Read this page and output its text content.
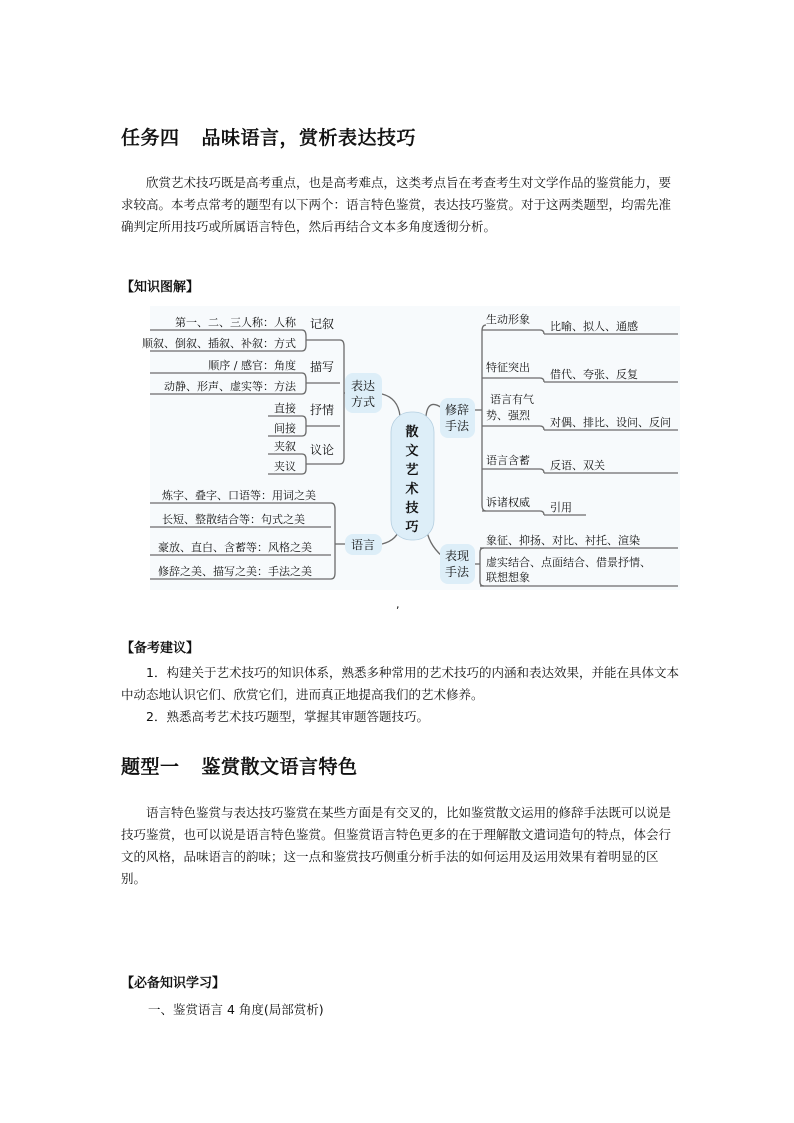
任务四 品味语言，赏析表达技巧
欣赏艺术技巧既是高考重点，也是高考难点，这类考点旨在考查考生对文学作品的鉴赏能力，要求较高。本考点常考的题型有以下两个：语言特色鉴赏，表达技巧鉴赏。对于这两类题型，均需先准确判定所用技巧或所属语言特色，然后再结合文本多角度透彻分析。
【知识图解】
散
文
艺
术
技
巧
表达
方式
语言
修辞
手法
表现
手法
第一、二、三人称：人称
顺叙、倒叙、插叙、补叙：方式
顺序 / 感官：角度
动静、形声、虚实等：方法
直接
间接
夹叙
夹议
记叙
描写
抒情
议论
炼字、叠字、口语等：用词之美
长短、整散结合等：句式之美
豪放、直白、含蓄等：风格之美
修辞之美、描写之美：手法之美
生动形象
比喻、拟人、通感
特征突出
借代、夸张、反复
语言有气
势、强烈
对偶、排比、设问、反问
语言含蓄 反语、双关
诉诸权威 引用
象征、抑扬、对比、衬托、渲染
虚实结合、点面结合、借景抒情、
联想想象
,
【备考建议】
1．构建关于艺术技巧的知识体系，熟悉多种常用的艺术技巧的内涵和表达效果，并能在具体文本中动态地认识它们、欣赏它们，进而真正地提高我们的艺术修养。
2．熟悉高考艺术技巧题型，掌握其审题答题技巧。
题型一 鉴赏散文语言特色
语言特色鉴赏与表达技巧鉴赏在某些方面是有交叉的，比如鉴赏散文运用的修辞手法既可以说是技巧鉴赏，也可以说是语言特色鉴赏。但鉴赏语言特色更多的在于理解散文遣词造句的特点，体会行文的风格，品味语言的韵味；这一点和鉴赏技巧侧重分析手法的如何运用及运用效果有着明显的区别。
【必备知识学习】
一、鉴赏语言 4 角度(局部赏析)
